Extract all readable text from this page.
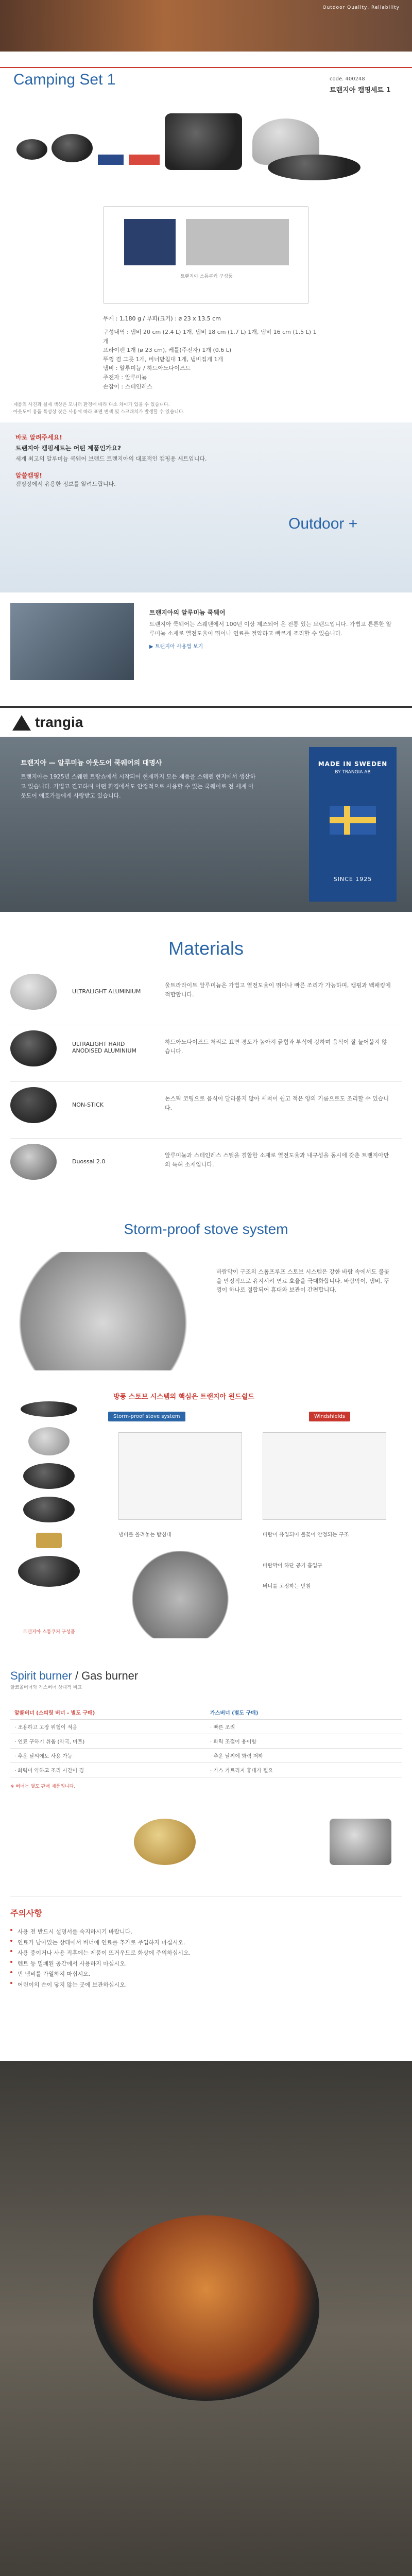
Outdoor Quality, Reliability
Camping Set 1	code. 400248
트랜지아 캠핑세트 1
트랜지아 스톰쿠커 구성품
무게 : 1,180 g / 부피(크기) : ø 23 x 13.5 cm
구성내역 : 냄비 20 cm (2.4 L) 1개, 냄비 18 cm (1.7 L) 1개, 냄비 16 cm (1.5 L) 1개
프라이팬 1개 (ø 23 cm), 케틀(주전자) 1개 (0.6 L)
뚜껑 겸 그릇 1개, 버너받침대 1개, 냄비집게 1개
냄비 : 알루미늄 / 하드아노다이즈드
주전자 : 알루미늄
손잡이 : 스테인레스
· 제품의 사진과 실제 색상은 모니터 환경에 따라 다소 차이가 있을 수 있습니다.
· 아웃도어 용품 특성상 잦은 사용에 따라 표면 변색 및 스크래치가 발생할 수 있습니다.
바로 알려주세요!
트랜지아 캠핑세트는 어떤 제품인가요?
세계 최고의 알루미늄 쿡웨어 브랜드 트랜지아의 대표적인 캠핑용 세트입니다.
알쓸캠핑!
캠핑장에서 유용한 정보를 알려드립니다.
Outdoor +
트랜지아의 알루미늄 쿡웨어
트랜지아 쿡웨어는 스웨덴에서 100년 이상 제조되어 온 전통 있는 브랜드입니다. 가볍고 튼튼한 알루미늄 소재로 열전도율이 뛰어나 연료를 절약하고 빠르게 조리할 수 있습니다.
▶ 트랜지아 사용법 보기
trangia
트랜지아 — 알루미늄 아웃도어 쿡웨어의 대명사
트랜지아는 1925년 스웨덴 트랑쇼에서 시작되어 현재까지 모든 제품을 스웨덴 현지에서 생산하고 있습니다. 가볍고 견고하며 어떤 환경에서도 안정적으로 사용할 수 있는 쿡웨어로 전 세계 아웃도어 애호가들에게 사랑받고 있습니다.
MADE IN SWEDEN
BY TRANGIA AB
SINCE 1925
Materials
ULTRALIGHT ALUMINIUM
울트라라이트 알루미늄은 가볍고 열전도율이 뛰어나 빠른 조리가 가능하며, 캠핑과 백패킹에 적합합니다.
ULTRALIGHT HARD ANODISED ALUMINIUM
하드아노다이즈드 처리로 표면 경도가 높아져 긁힘과 부식에 강하며 음식이 잘 눌어붙지 않습니다.
NON-STICK
논스틱 코팅으로 음식이 달라붙지 않아 세척이 쉽고 적은 양의 기름으로도 조리할 수 있습니다.
Duossal 2.0
알루미늄과 스테인레스 스틸을 결합한 소재로 열전도율과 내구성을 동시에 갖춘 트랜지아만의 특허 소재입니다.
Storm-proof stove system
바람막이 구조의 스톰프루프 스토브 시스템은 강한 바람 속에서도 불꽃을 안정적으로 유지시켜 연료 효율을 극대화합니다. 바람막이, 냄비, 뚜껑이 하나로 결합되어 휴대와 보관이 간편합니다.
방풍 스토브 시스템의 핵심은 트랜지아 윈드쉴드
트랜지아 스톰쿠커 구성품
Storm-proof stove system	Windshields
냄비를 올려놓는 받침대	바람이 유입되어 불꽃이 안정되는 구조
바람막이 하단 공기 흡입구
버너를 고정하는 받침
Spirit burner / Gas burner
알코올버너와 가스버너 상대적 비교
알콜버너 (스피릿 버너 - 별도 구매)	가스버너 (별도 구매)
· 조용하고 고장 위험이 적음	· 빠른 조리
· 연료 구하기 쉬움 (약국, 마트)	· 화력 조절이 용이함
· 추운 날씨에도 사용 가능	· 추운 날씨에 화력 저하
· 화력이 약하고 조리 시간이 김	· 가스 카트리지 휴대가 필요
※ 버너는 별도 판매 제품입니다.
주의사항
사용 전 반드시 설명서를 숙지하시기 바랍니다.
연료가 남아있는 상태에서 버너에 연료를 추가로 주입하지 마십시오.
사용 중이거나 사용 직후에는 제품이 뜨거우므로 화상에 주의하십시오.
텐트 등 밀폐된 공간에서 사용하지 마십시오.
빈 냄비를 가열하지 마십시오.
어린이의 손이 닿지 않는 곳에 보관하십시오.
